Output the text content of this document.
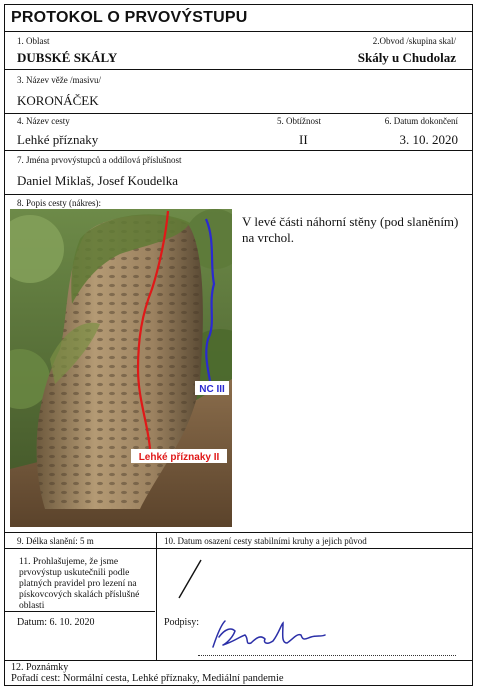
PROTOKOL O PRVOVÝSTUPU
1. Oblast
DUBSKÉ SKÁLY
2.Obvod /skupina skal/
Skály u Chudolaz
3. Název věže /masivu/
KORONÁČEK
4. Název cesty
Lehké příznaky
5. Obtížnost
II
6. Datum dokončení
3. 10. 2020
7. Jména prvovýstupců a oddílová příslušnost
Daniel Miklaš, Josef Koudelka
8. Popis cesty (nákres):
NC III
Lehké příznaky II
V levé části náhorní stěny (pod slaněním) na vrchol.
9. Délka slanění: 5 m	10. Datum osazení cesty stabilními kruhy a jejich původ
11. Prohlašujeme, že jsme prvovýstup uskutečnili podle platných pravidel pro lezení na pískovcových skalách příslušné oblasti
Datum: 6. 10. 2020	Podpisy:
12. Poznámky
Pořadí cest: Normální cesta, Lehké příznaky, Mediální pandemie
